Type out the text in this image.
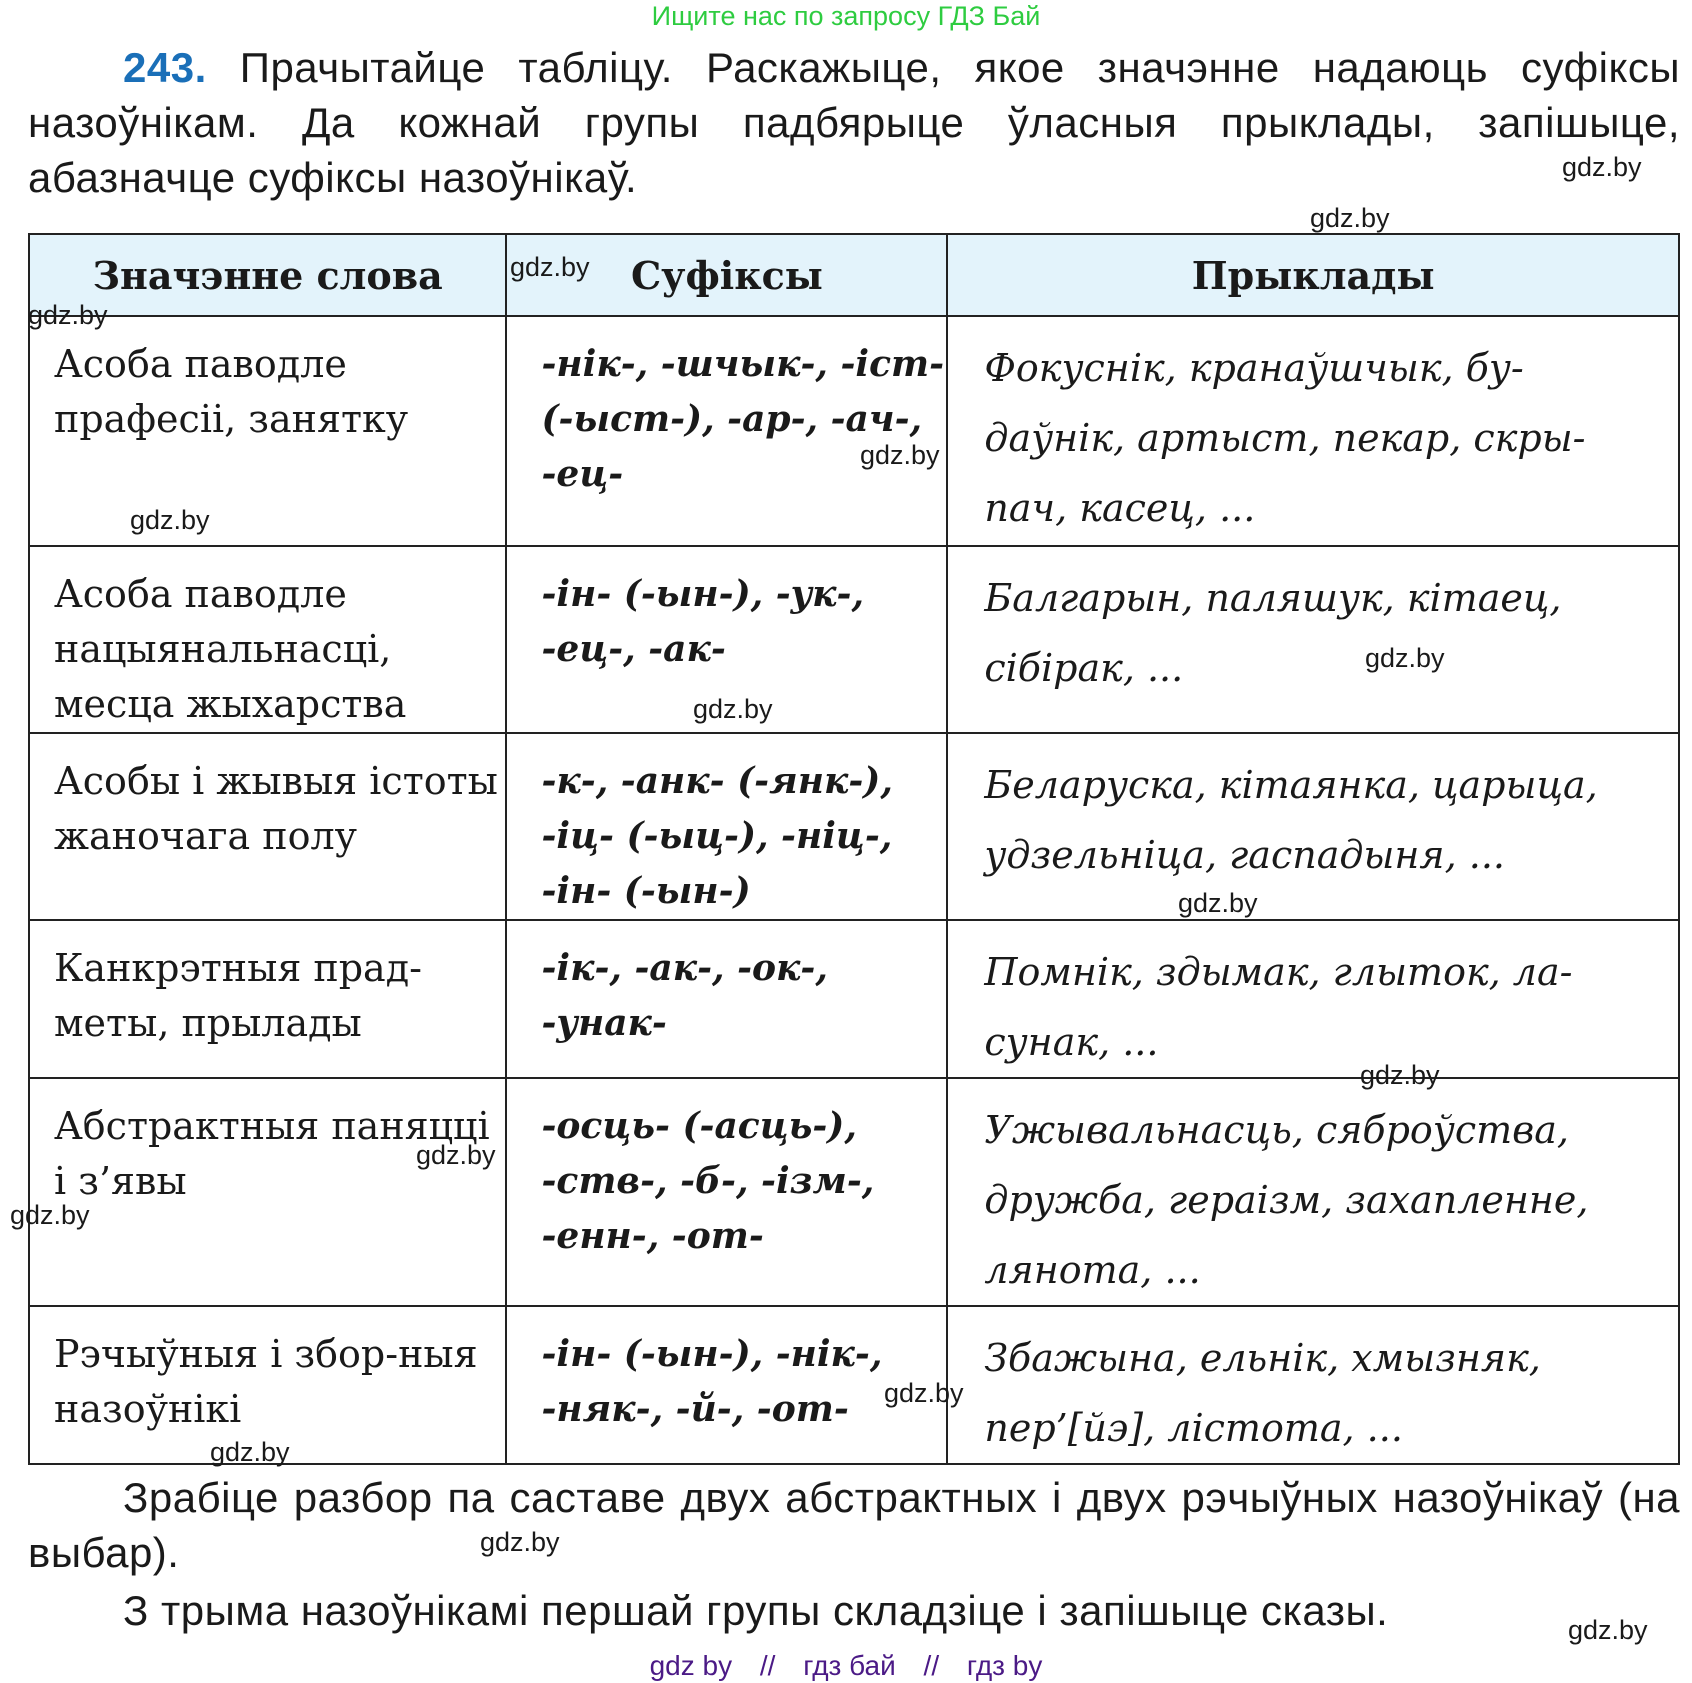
Ищите нас по запросу ГДЗ Бай
243. Прачытайце табліцу. Раскажыце, якое значэнне надаюць суфіксы назоўнікам. Да кожнай групы падбярыце ўласныя прыклады, запішыце, абазначце суфіксы назоўнікаў.
Значэнне слова	Суфіксы	Прыклады
Асоба паводле прафесіі, занятку	-нік-, -шчык-, -іст- (-ыст-), -ар-, -ач-, -ец-	Фокуснік, кранаўшчык, бу-
даўнік, артыст, пекар, скры-
пач, касец, ...

Асоба паводле нацыянальнасці, месца жыхарства	-ін- (-ын-), -ук-, -ец-, -ак-	Балгарын, паляшук, кітаец,
сібірак, ...

Асобы і жывыя істоты жаночага полу	-к-, -анк- (-янк-), -іц- (-ыц-), -ніц-, -ін- (-ын-)	Беларуска, кітаянка, царыца,
удзельніца, гаспадыня, ...

Канкрэтныя прад-меты, прылады	-ік-, -ак-, -ок-, -унак-	Помнік, здымак, глыток, ла-
сунак, ...

Абстрактныя паняцці і з’явы	-осць- (-асць-), -ств-, -б-, -ізм-, -енн-, -от-	Ужывальнасць, сяброўства,
дружба, гераізм, захапленне,
лянота, ...

Рэчыўныя і збор-ныя назоўнікі	-ін- (-ын-), -нік-, -няк-, -й-, -от-	Збажына, ельнік, хмызняк,
пер’[йэ], лістота, ...
Зрабіце разбор па саставе двух абстрактных і двух рэчыўных назоўнікаў (на выбар).
З трыма назоўнікамі першай групы складзіце і запішыце сказы.
gdz.by
gdz.by
gdz.by
gdz.by
gdz.by
gdz.by
gdz.by
gdz.by
gdz.by
gdz.by
gdz.by
gdz.by
gdz.by
gdz.by
gdz.by
gdz.by
gdz by // гдз бай // гдз by
